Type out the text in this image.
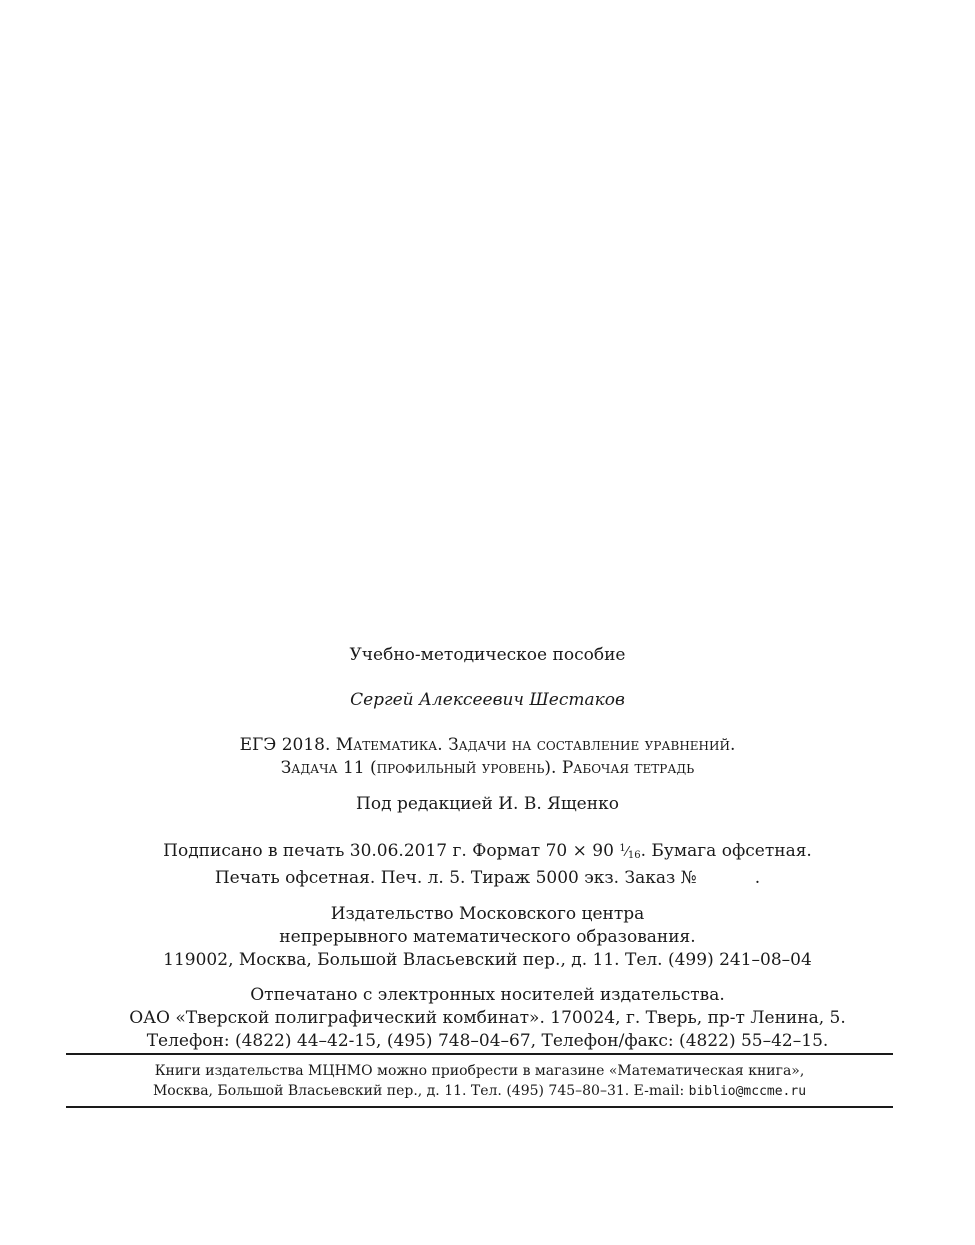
Учебно-методическое пособие
Сергей Алексеевич Шестаков
ЕГЭ 2018. Математика. Задачи на составление уравнений.
Задача 11 (профильный уровень). Рабочая тетрадь
Под редакцией И. В. Ященко
Подписано в печать 30.06.2017 г. Формат 70 × 90 $^1⁄_{16}$. Бумага офсетная.
Печать офсетная. Печ. л. 5. Тираж 5000 экз. Заказ №	.
Издательство Московского центра
непрерывного математического образования.
119002, Москва, Большой Власьевский пер., д. 11. Тел. (499) 241–08–04
Отпечатано с электронных носителей издательства.
ОАО «Тверской полиграфический комбинат». 170024, г. Тверь, пр-т Ленина, 5.
Телефон: (4822) 44–42-15, (495) 748–04–67, Телефон/факс: (4822) 55–42–15.
Книги издательства МЦНМО можно приобрести в магазине «Математическая книга»,
Москва, Большой Власьевский пер., д. 11. Тел. (495) 745–80–31. E-mail: biblio@mccme.ru
